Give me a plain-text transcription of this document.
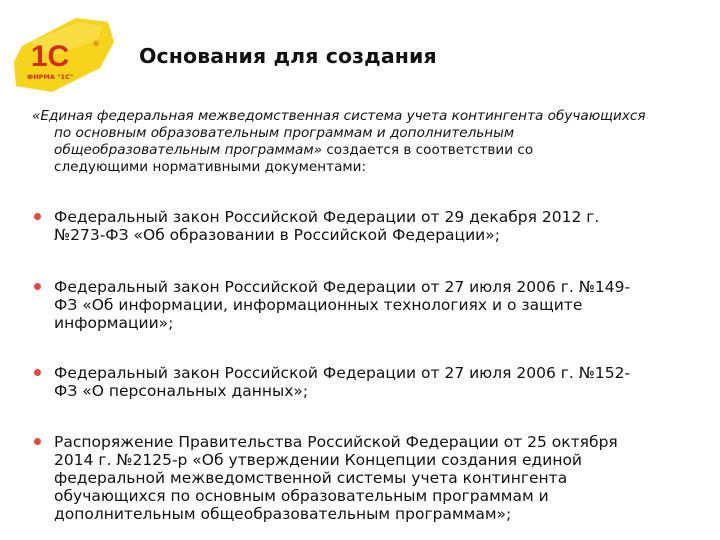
1С	®
ФИРМА "1С"
Основания для создания
«Единая федеральная межведомственная система учета контингента обучающихся
по основным образовательным программам и дополнительным
общеобразовательным программам» создается в соответствии со
следующими нормативными документами:
Федеральный закон Российской Федерации от 29 декабря 2012 г.
№273-ФЗ «Об образовании в Российской Федерации»;
Федеральный закон Российской Федерации от 27 июля 2006 г. №149-
ФЗ «Об информации, информационных технологиях и о защите
информации»;
Федеральный закон Российской Федерации от 27 июля 2006 г. №152-
ФЗ «О персональных данных»;
Распоряжение Правительства Российской Федерации от 25 октября
2014 г. №2125-р «Об утверждении Концепции создания единой
федеральной межведомственной системы учета контингента
обучающихся по основным образовательным программам и
дополнительным общеобразовательным программам»;
